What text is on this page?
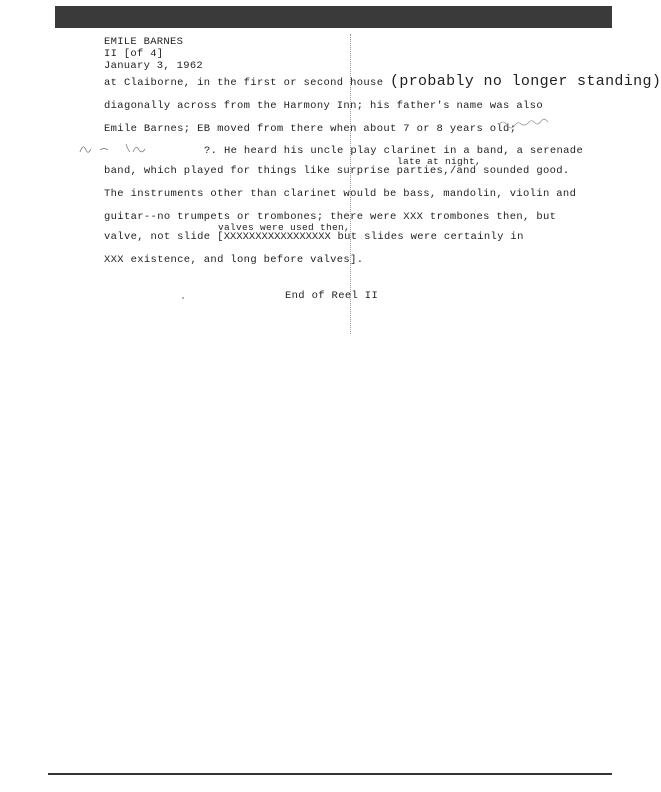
EMILE BARNES
II [of 4]
January 3, 1962
at Claiborne, in the first or second house (probably no longer standing)
diagonally across from the Harmony Inn; his father's name was also
Emile Barnes; EB moved from there when about 7 or 8 years old;
?. He heard his uncle play clarinet in a band, a serenade
late at night,
band, which played for things like surprise parties,/and sounded good.
The instruments other than clarinet would be bass, mandolin, violin and
guitar--no trumpets or trombones; there were XXX trombones then, but
valves were used then,
valve, not slide [XXXXXXXXXXXXXXXXX but slides were certainly in
XXX existence, and long before valves].
End of Reel II
